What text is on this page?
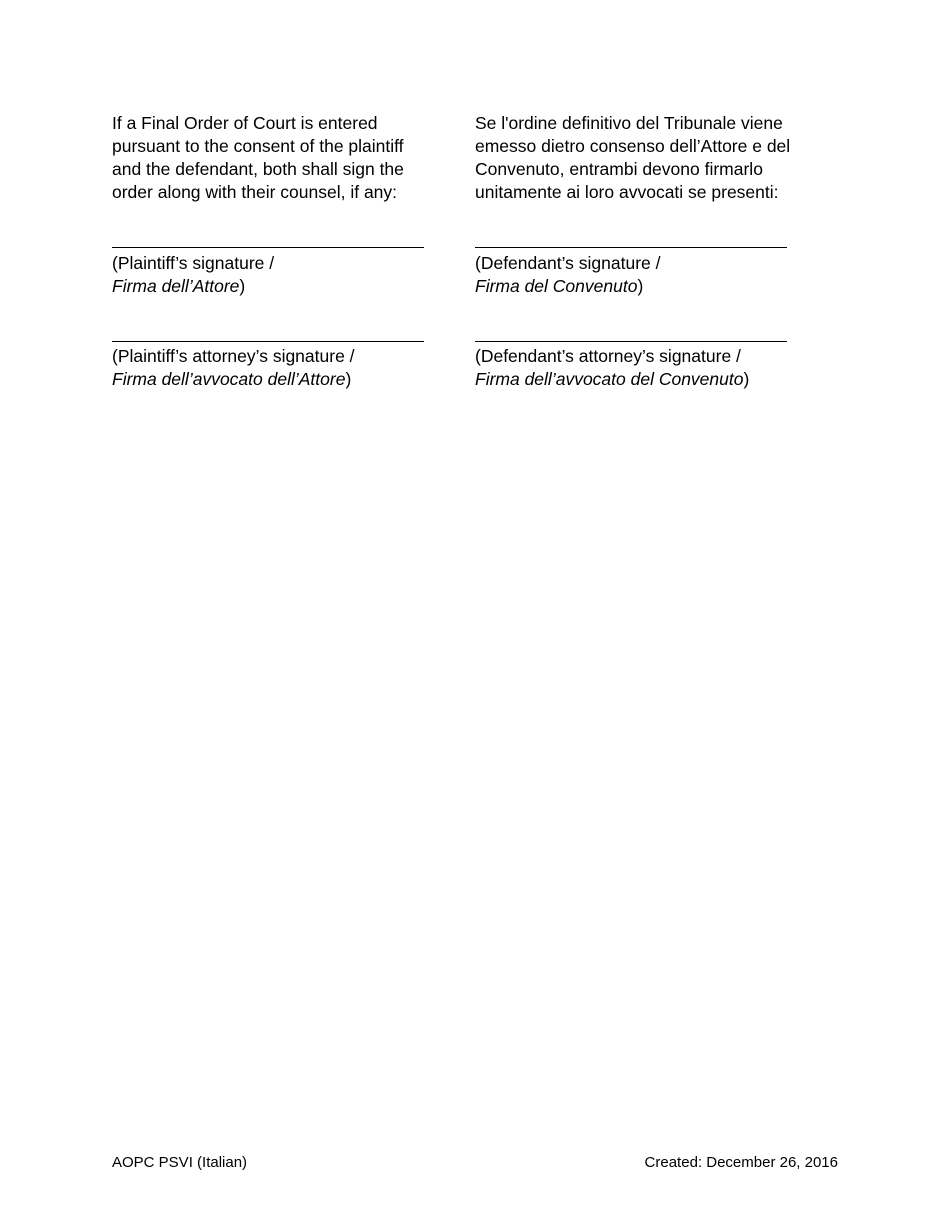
If a Final Order of Court is entered
pursuant to the consent of the plaintiff
and the defendant, both shall sign the
order along with their counsel, if any:

(Plaintiff’s signature /
Firma dell’Attore)
(Plaintiff’s attorney’s signature /
Firma dell’avvocato dell’Attore)

Se l'ordine definitivo del Tribunale viene
emesso dietro consenso dell’Attore e del
Convenuto, entrambi devono firmarlo
unitamente ai loro avvocati se presenti:

(Defendant’s signature /
Firma del Convenuto)
(Defendant’s attorney’s signature /
Firma dell’avvocato del Convenuto)
AOPC PSVI (Italian)	Created: December 26, 2016
